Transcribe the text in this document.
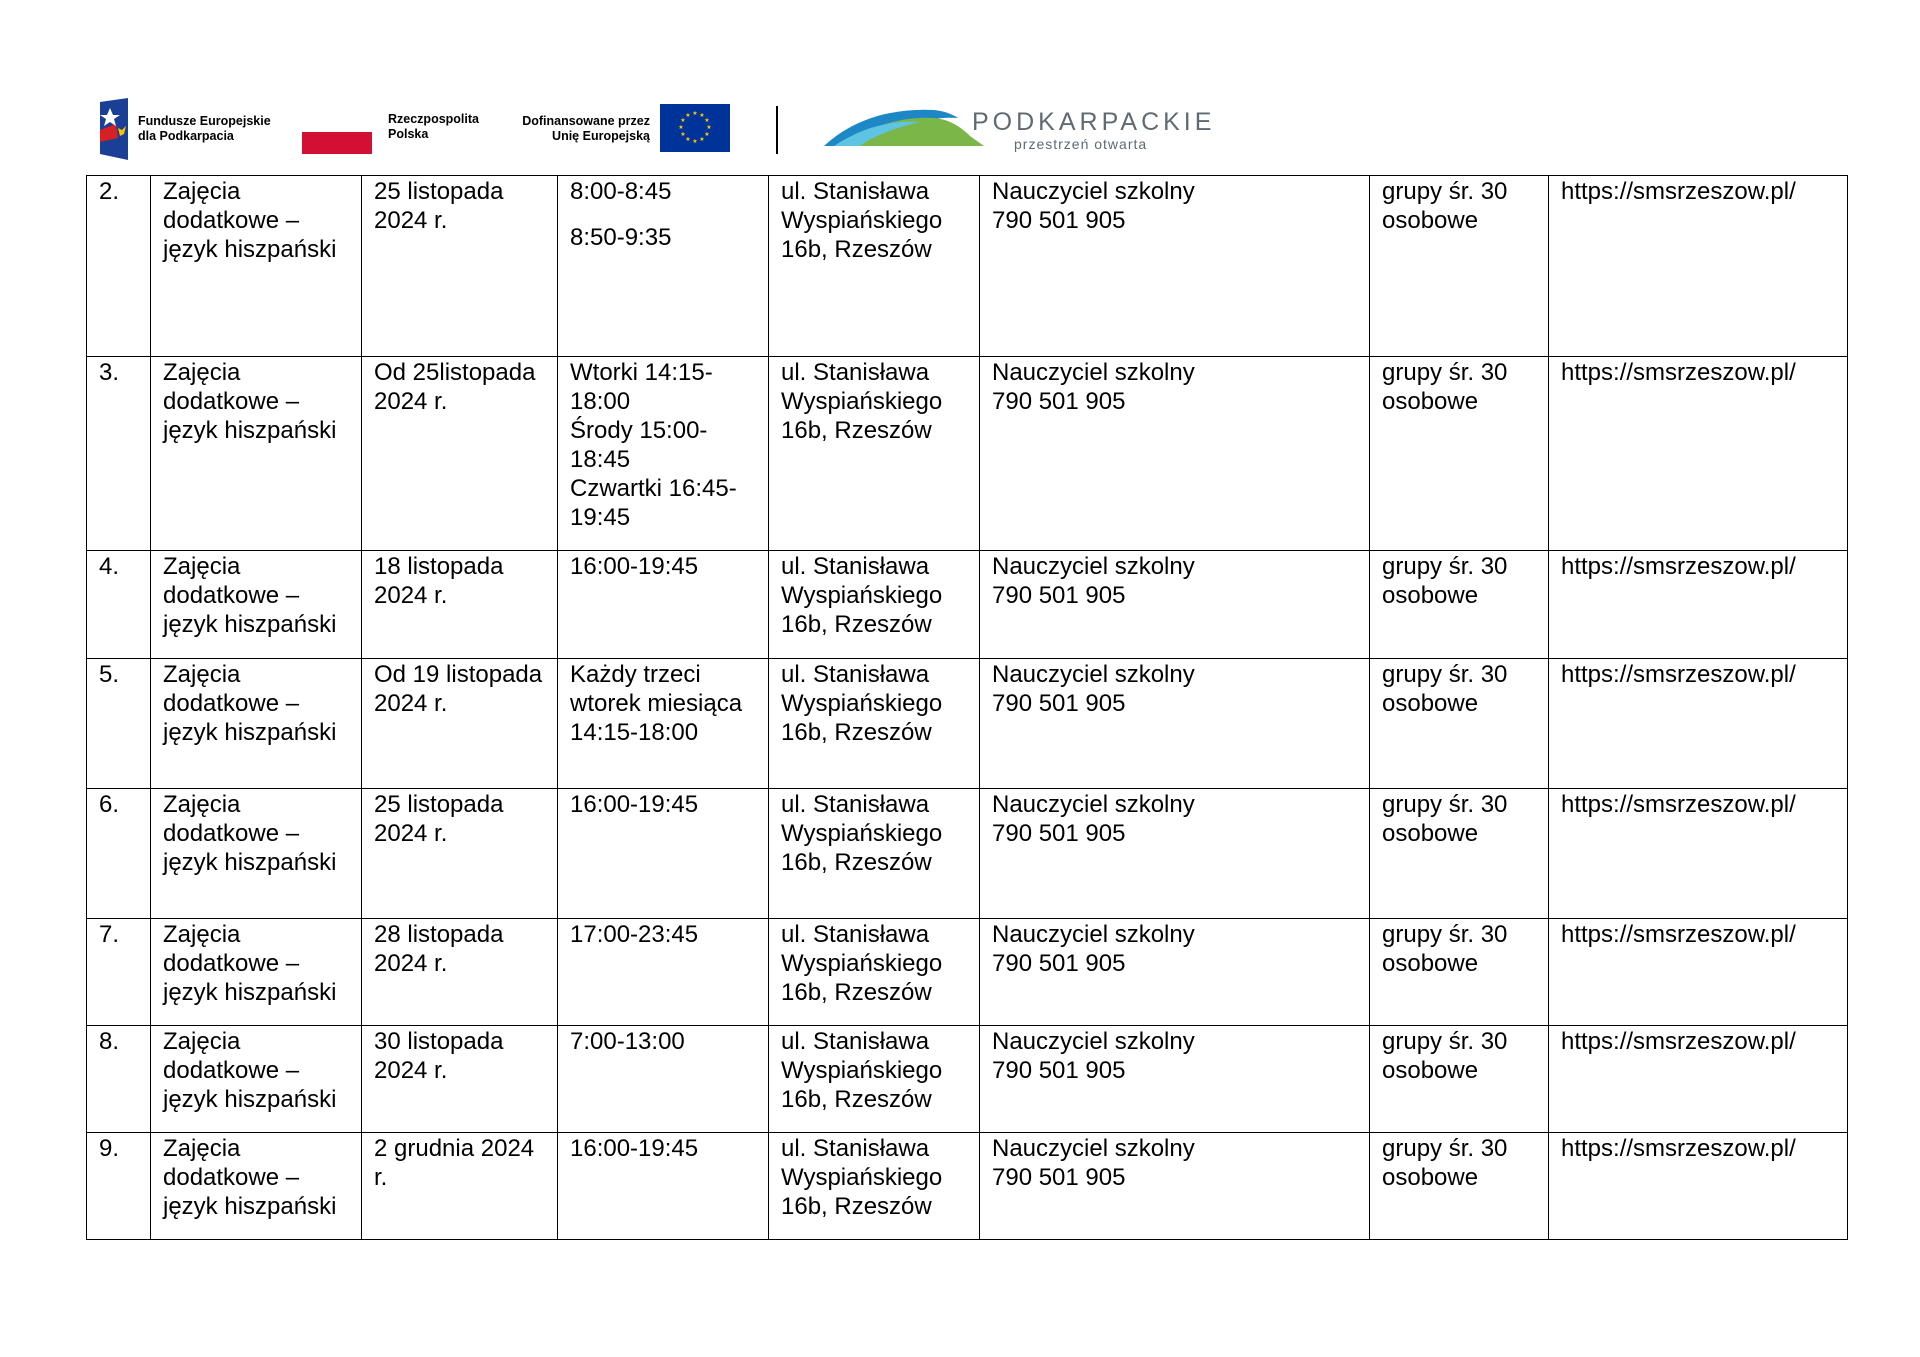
Fundusze Europejskie
dla Podkarpacia
Rzeczpospolita
Polska
Dofinansowane przez
Unię Europejską
★ ★
★
★
★
★
★
★
★
★
★
★	PODKARPACKIE
przestrzeń otwarta
2.	Zajęcia dodatkowe – język hiszpański	25 listopada 2024 r.	8:00-8:45
8:50-9:35	ul. Stanisława Wyspiańskiego 16b, Rzeszów	Nauczyciel szkolny
790 501 905	grupy śr. 30 osobowe	https://smsrzeszow.pl/
3.	Zajęcia dodatkowe – język hiszpański	Od 25listopada 2024 r.	Wtorki 14:15-18:00
Środy 15:00-18:45
Czwartki 16:45-19:45	ul. Stanisława Wyspiańskiego 16b, Rzeszów	Nauczyciel szkolny
790 501 905	grupy śr. 30 osobowe	https://smsrzeszow.pl/
4.	Zajęcia dodatkowe – język hiszpański	18 listopada 2024 r.	16:00-19:45	ul. Stanisława Wyspiańskiego 16b, Rzeszów	Nauczyciel szkolny
790 501 905	grupy śr. 30 osobowe	https://smsrzeszow.pl/
5.	Zajęcia dodatkowe – język hiszpański	Od 19 listopada 2024 r.	Każdy trzeci wtorek miesiąca 14:15-18:00	ul. Stanisława Wyspiańskiego 16b, Rzeszów	Nauczyciel szkolny
790 501 905	grupy śr. 30 osobowe	https://smsrzeszow.pl/
6.	Zajęcia dodatkowe – język hiszpański	25 listopada 2024 r.	16:00-19:45	ul. Stanisława Wyspiańskiego 16b, Rzeszów	Nauczyciel szkolny
790 501 905	grupy śr. 30 osobowe	https://smsrzeszow.pl/
7.	Zajęcia dodatkowe – język hiszpański	28 listopada 2024 r.	17:00-23:45	ul. Stanisława Wyspiańskiego 16b, Rzeszów	Nauczyciel szkolny
790 501 905	grupy śr. 30 osobowe	https://smsrzeszow.pl/
8.	Zajęcia dodatkowe – język hiszpański	30 listopada 2024 r.	7:00-13:00	ul. Stanisława Wyspiańskiego 16b, Rzeszów	Nauczyciel szkolny
790 501 905	grupy śr. 30 osobowe	https://smsrzeszow.pl/
9.	Zajęcia dodatkowe – język hiszpański	2 grudnia 2024 r.	16:00-19:45	ul. Stanisława Wyspiańskiego 16b, Rzeszów	Nauczyciel szkolny
790 501 905	grupy śr. 30 osobowe	https://smsrzeszow.pl/
